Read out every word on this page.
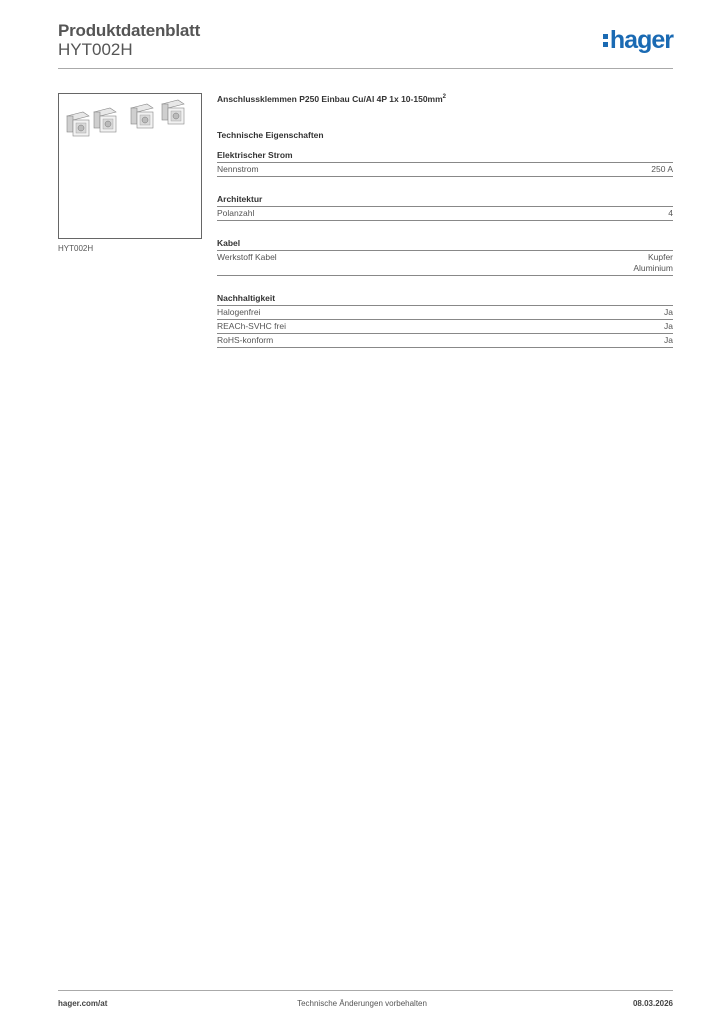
Produktdatenblatt
HYT002H	hager
HYT002H
Anschlussklemmen P250 Einbau Cu/Al 4P 1x $10-150mm^2$
Technische Eigenschaften
Elektrischer Strom
Nennstrom	250 A
Architektur
Polanzahl	4
Kabel
Werkstoff Kabel	Kupfer
Aluminium
Nachhaltigkeit
Halogenfrei	Ja
REACh-SVHC frei	Ja
RoHS-konform	Ja
hager.com/at	Technische Änderungen vorbehalten	08.03.2026
